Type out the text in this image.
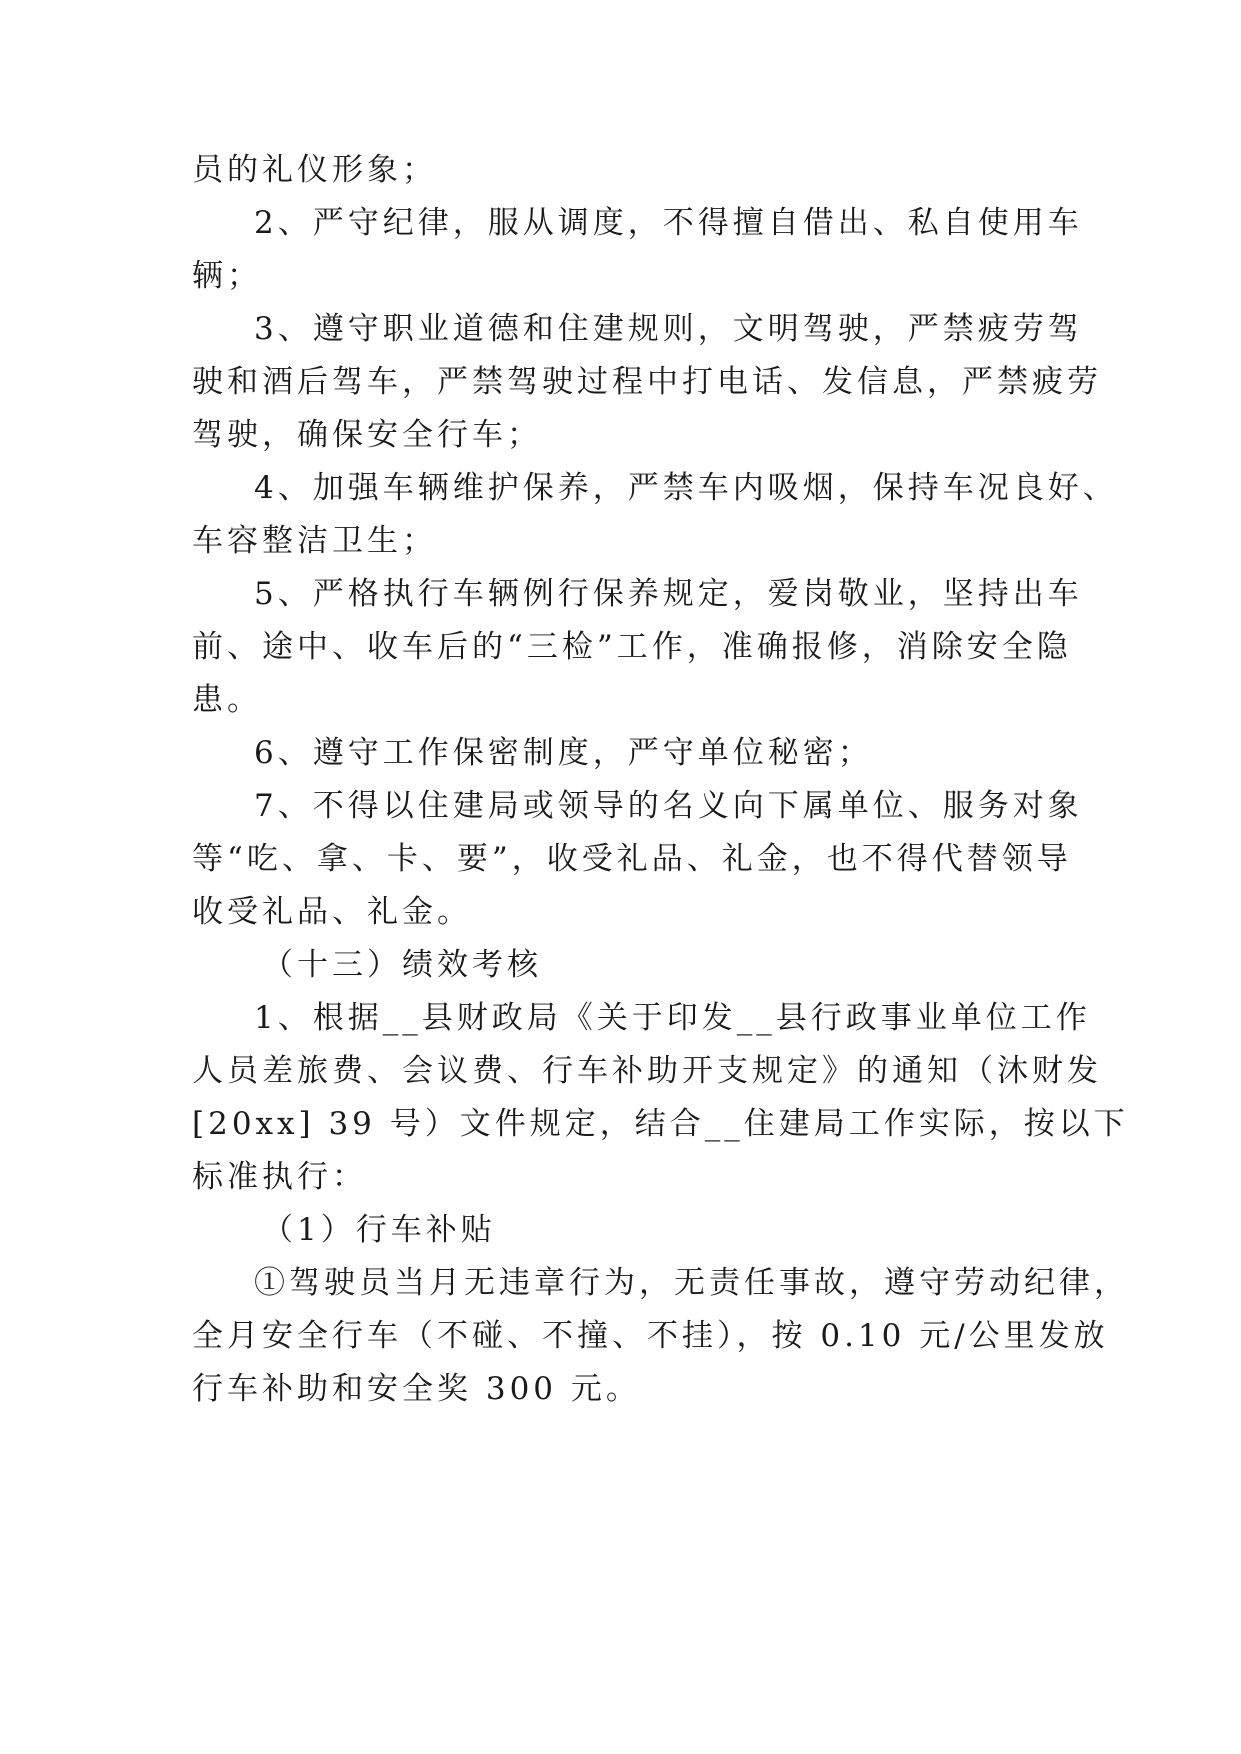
员的礼仪形象；
2、严守纪律，服从调度，不得擅自借出、私自使用车
辆；
3、遵守职业道德和住建规则，文明驾驶，严禁疲劳驾
驶和酒后驾车，严禁驾驶过程中打电话、发信息，严禁疲劳
驾驶，确保安全行车；
4、加强车辆维护保养，严禁车内吸烟，保持车况良好、
车容整洁卫生；
5、严格执行车辆例行保养规定，爱岗敬业，坚持出车
前、途中、收车后的“三检”工作，准确报修，消除安全隐
患。
6、遵守工作保密制度，严守单位秘密；
7、不得以住建局或领导的名义向下属单位、服务对象
等“吃、拿、卡、要”，收受礼品、礼金，也不得代替领导
收受礼品、礼金。
（十三）绩效考核
1、根据__县财政局《关于印发__县行政事业单位工作
人员差旅费、会议费、行车补助开支规定》的通知（沐财发
[20xx] 39 号）文件规定，结合__住建局工作实际，按以下
标准执行：
（1）行车补贴
①驾驶员当月无违章行为，无责任事故，遵守劳动纪律，
全月安全行车（不碰、不撞、不挂），按 0.10 元/公里发放
行车补助和安全奖 300 元。
